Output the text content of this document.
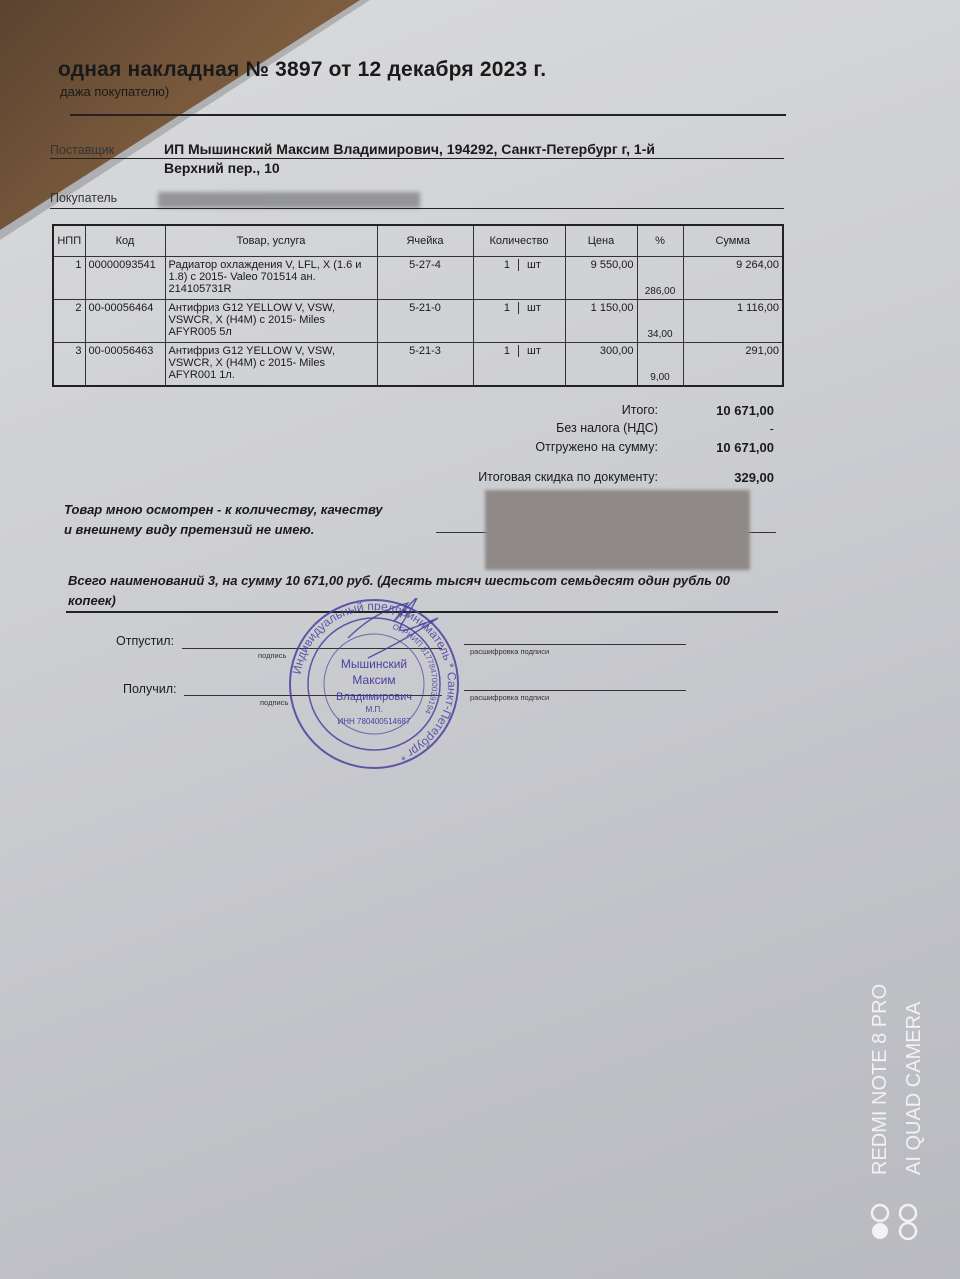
одная накладная № 3897 от 12 декабря 2023 г.
дажа покупателю)
Поставщик	ИП Мышинский Максим Владимирович, 194292, Санкт-Петербург г, 1-й Верхний пер., 10
Покупатель
НПП	Код	Товар, услуга	Ячейка	Количество	Цена	%	Сумма
1	00000093541	Радиатор охлаждения V, LFL, X (1.6 и 1.8) с 2015- Valeo 701514 ан. 214105731R	5-27-4	1 шт	9 550,00	286,00	9 264,00
2	00-00056464	Антифриз G12 YELLOW V, VSW, VSWCR, X (H4M) с 2015- Miles AFYR005 5л	5-21-0	1 шт	1 150,00	34,00	1 116,00
3	00-00056463	Антифриз G12 YELLOW V, VSW, VSWCR, X (H4M) с 2015- Miles AFYR001 1л.	5-21-3	1 шт	300,00	9,00	291,00
Итого:	10 671,00
Без налога (НДС)	-
Отгружено на сумму:	10 671,00
Итоговая скидка по документу:	329,00
Товар мною осмотрен - к количеству, качеству
и внешнему виду претензий не имею.
Всего наименований 3, на сумму 10 671,00 руб. (Десять тысяч шестьсот семьдесят один рубль 00 копеек)
Отпустил:
подпись	расшифровка подписи
Получил:
подпись
расшифровка подписи
Индивидуальный предприниматель * Санкт-Петербург *
ОГРНИП 317784700039194
Мышинский
Максим
Владимирович
М.П.
ИНН 780400514687
REDMI NOTE 8 PRO AI QUAD CAMERA
